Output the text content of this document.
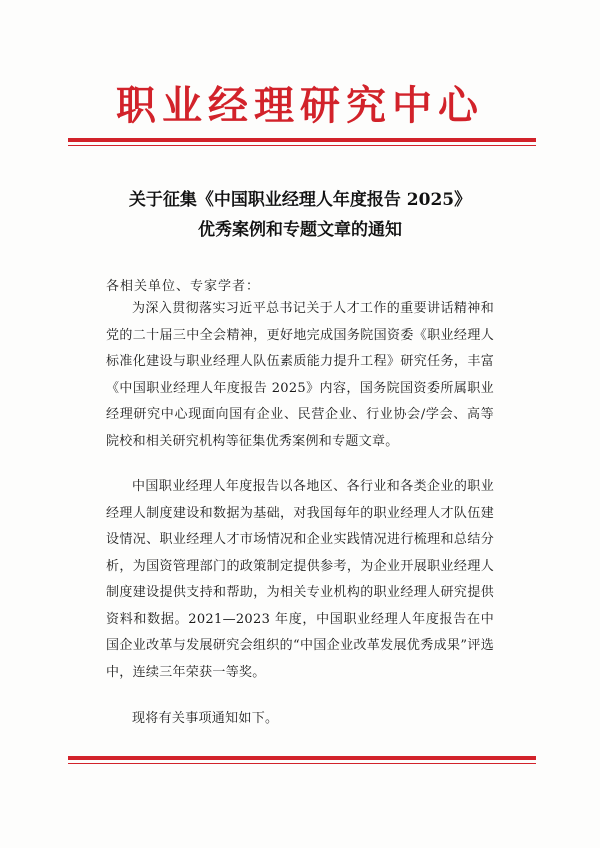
职业经理研究中心
关于征集《中国职业经理人年度报告 2025》
优秀案例和专题文章的通知
各相关单位、专家学者：
为深入贯彻落实习近平总书记关于人才工作的重要讲话精神和党的二十届三中全会精神，更好地完成国务院国资委《职业经理人标准化建设与职业经理人队伍素质能力提升工程》研究任务，丰富《中国职业经理人年度报告 2025》内容，国务院国资委所属职业经理研究中心现面向国有企业、民营企业、行业协会/学会、高等院校和相关研究机构等征集优秀案例和专题文章。
中国职业经理人年度报告以各地区、各行业和各类企业的职业经理人制度建设和数据为基础，对我国每年的职业经理人才队伍建设情况、职业经理人才市场情况和企业实践情况进行梳理和总结分析，为国资管理部门的政策制定提供参考，为企业开展职业经理人制度建设提供支持和帮助，为相关专业机构的职业经理人研究提供资料和数据。2021—2023 年度，中国职业经理人年度报告在中国企业改革与发展研究会组织的“中国企业改革发展优秀成果”评选中，连续三年荣获一等奖。
现将有关事项通知如下。
